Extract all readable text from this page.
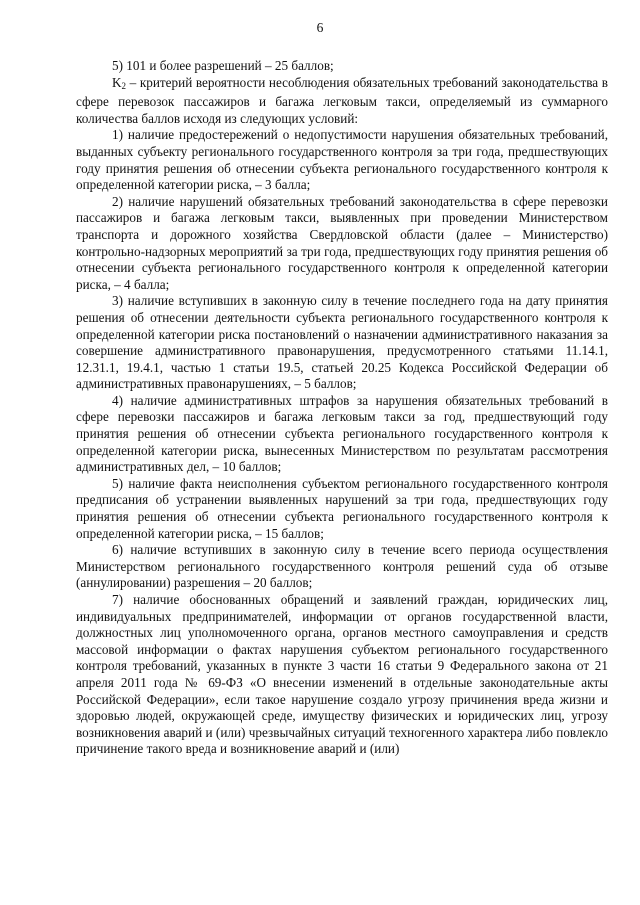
6

5) 101 и более разрешений – 25 баллов;

K2 – критерий вероятности несоблюдения обязательных требований законодательства в сфере перевозок пассажиров и багажа легковым такси, определяемый из суммарного количества баллов исходя из следующих условий:

1) наличие предостережений о недопустимости нарушения обязательных требований, выданных субъекту регионального государственного контроля за три года, предшествующих году принятия решения об отнесении субъекта регионального государственного контроля к определенной категории риска, – 3 балла;

2) наличие нарушений обязательных требований законодательства в сфере перевозки пассажиров и багажа легковым такси, выявленных при проведении Министерством транспорта и дорожного хозяйства Свердловской области (далее – Министерство) контрольно-надзорных мероприятий за три года, предшествующих году принятия решения об отнесении субъекта регионального государственного контроля к определенной категории риска, – 4 балла;

3) наличие вступивших в законную силу в течение последнего года на дату принятия решения об отнесении деятельности субъекта регионального государственного контроля к определенной категории риска постановлений о назначении административного наказания за совершение административного правонарушения, предусмотренного статьями 11.14.1, 12.31.1, 19.4.1, частью 1 статьи 19.5, статьей 20.25 Кодекса Российской Федерации об административных правонарушениях, – 5 баллов;

4) наличие административных штрафов за нарушения обязательных требований в сфере перевозки пассажиров и багажа легковым такси за год, предшествующий году принятия решения об отнесении субъекта регионального государственного контроля к определенной категории риска, вынесенных Министерством по результатам рассмотрения административных дел, – 10 баллов;

5) наличие факта неисполнения субъектом регионального государственного контроля предписания об устранении выявленных нарушений за три года, предшествующих году принятия решения об отнесении субъекта регионального государственного контроля к определенной категории риска, – 15 баллов;

6) наличие вступивших в законную силу в течение всего периода осуществления Министерством регионального государственного контроля решений суда об отзыве (аннулировании) разрешения – 20 баллов;

7) наличие обоснованных обращений и заявлений граждан, юридических лиц, индивидуальных предпринимателей, информации от органов государственной власти, должностных лиц уполномоченного органа, органов местного самоуправления и средств массовой информации о фактах нарушения субъектом регионального государственного контроля требований, указанных в пункте 3 части 16 статьи 9 Федерального закона от 21 апреля 2011 года № 69-ФЗ «О внесении изменений в отдельные законодательные акты Российской Федерации», если такое нарушение создало угрозу причинения вреда жизни и здоровью людей, окружающей среде, имуществу физических и юридических лиц, угрозу возникновения аварий и (или) чрезвычайных ситуаций техногенного характера либо повлекло причинение такого вреда и возникновение аварий и (или)
